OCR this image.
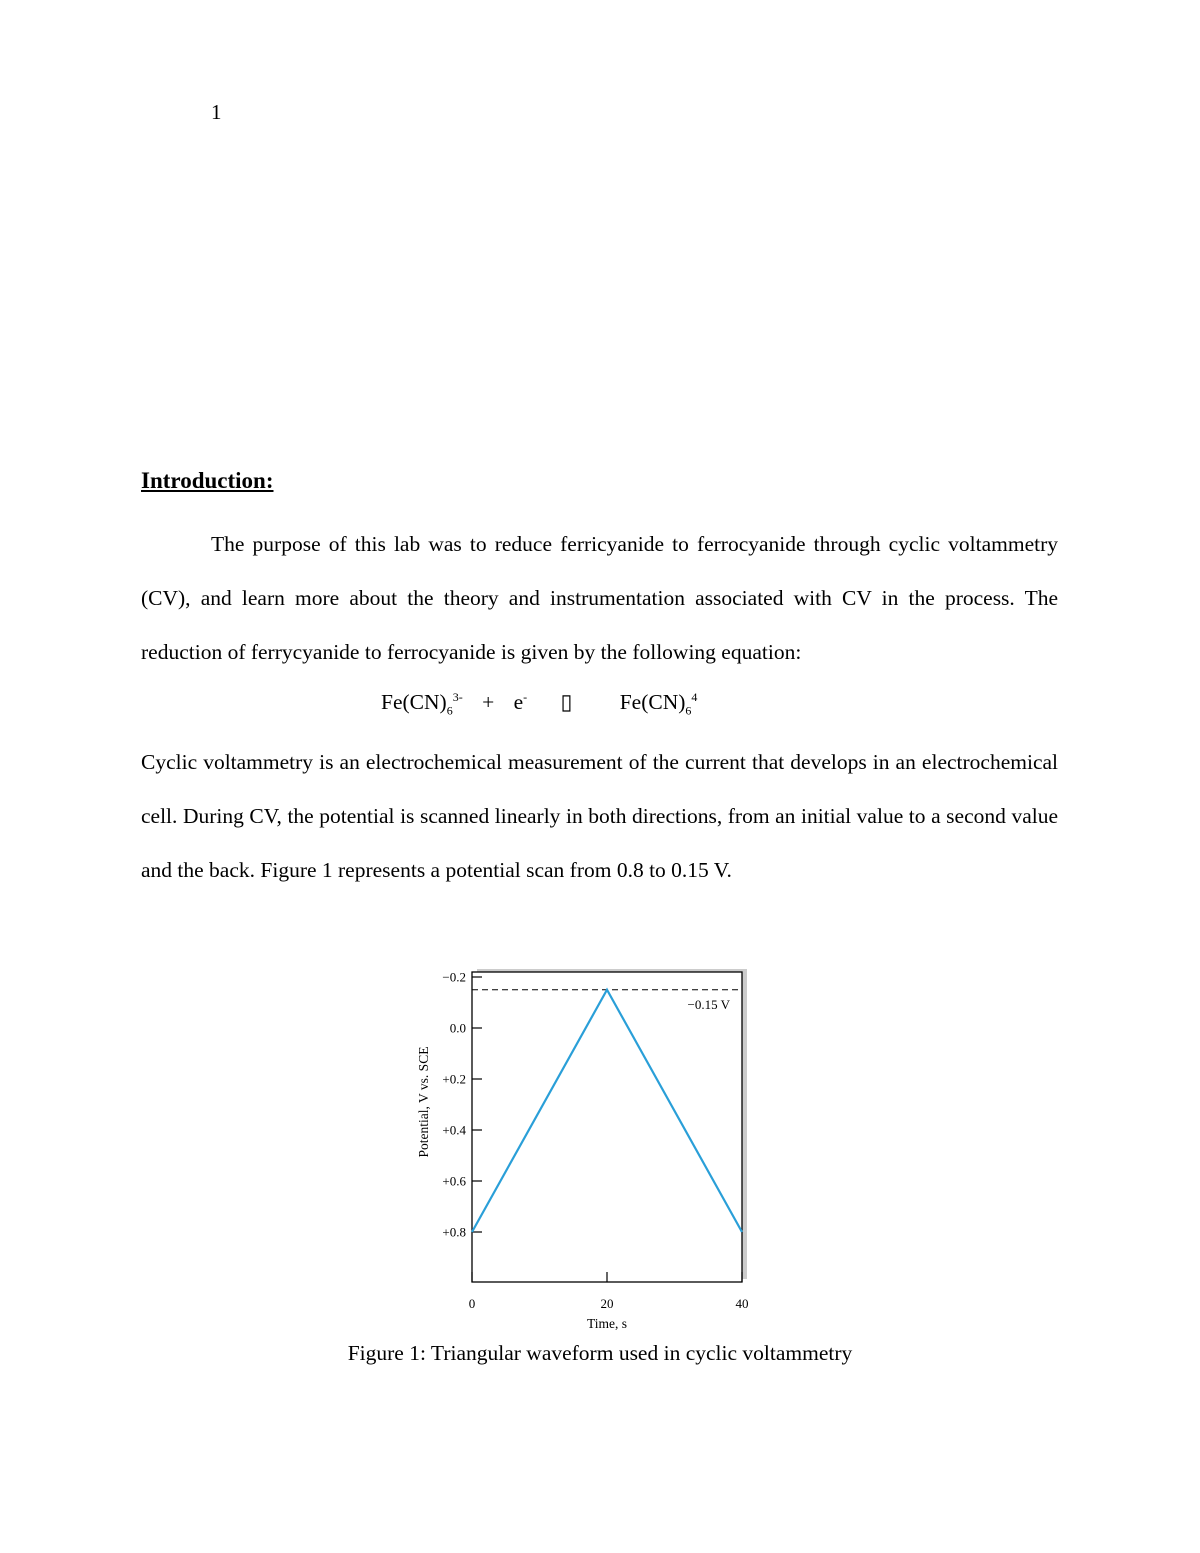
1
Introduction:

The purpose of this lab was to reduce ferricyanide to ferrocyanide through cyclic voltammetry (CV), and learn more about the theory and instrumentation associated with CV in the process. The reduction of ferrycyanide to ferrocyanide is given by the following equation:

$Fe(CN)_6^{3-} + e^-$ ▯ $Fe(CN)_6^4$

Cyclic voltammetry is an electrochemical measurement of the current that develops in an electrochemical cell. During CV, the potential is scanned linearly in both directions, from an initial value to a second value and the back. Figure 1 represents a potential scan from 0.8 to 0.15 V.

−0.15 V
−0.2
0.0
+0.2
+0.4
+0.6
+0.8
0	20	40
Time, s
Potential, V vs. SCE
Figure 1: Triangular waveform used in cyclic voltammetry
